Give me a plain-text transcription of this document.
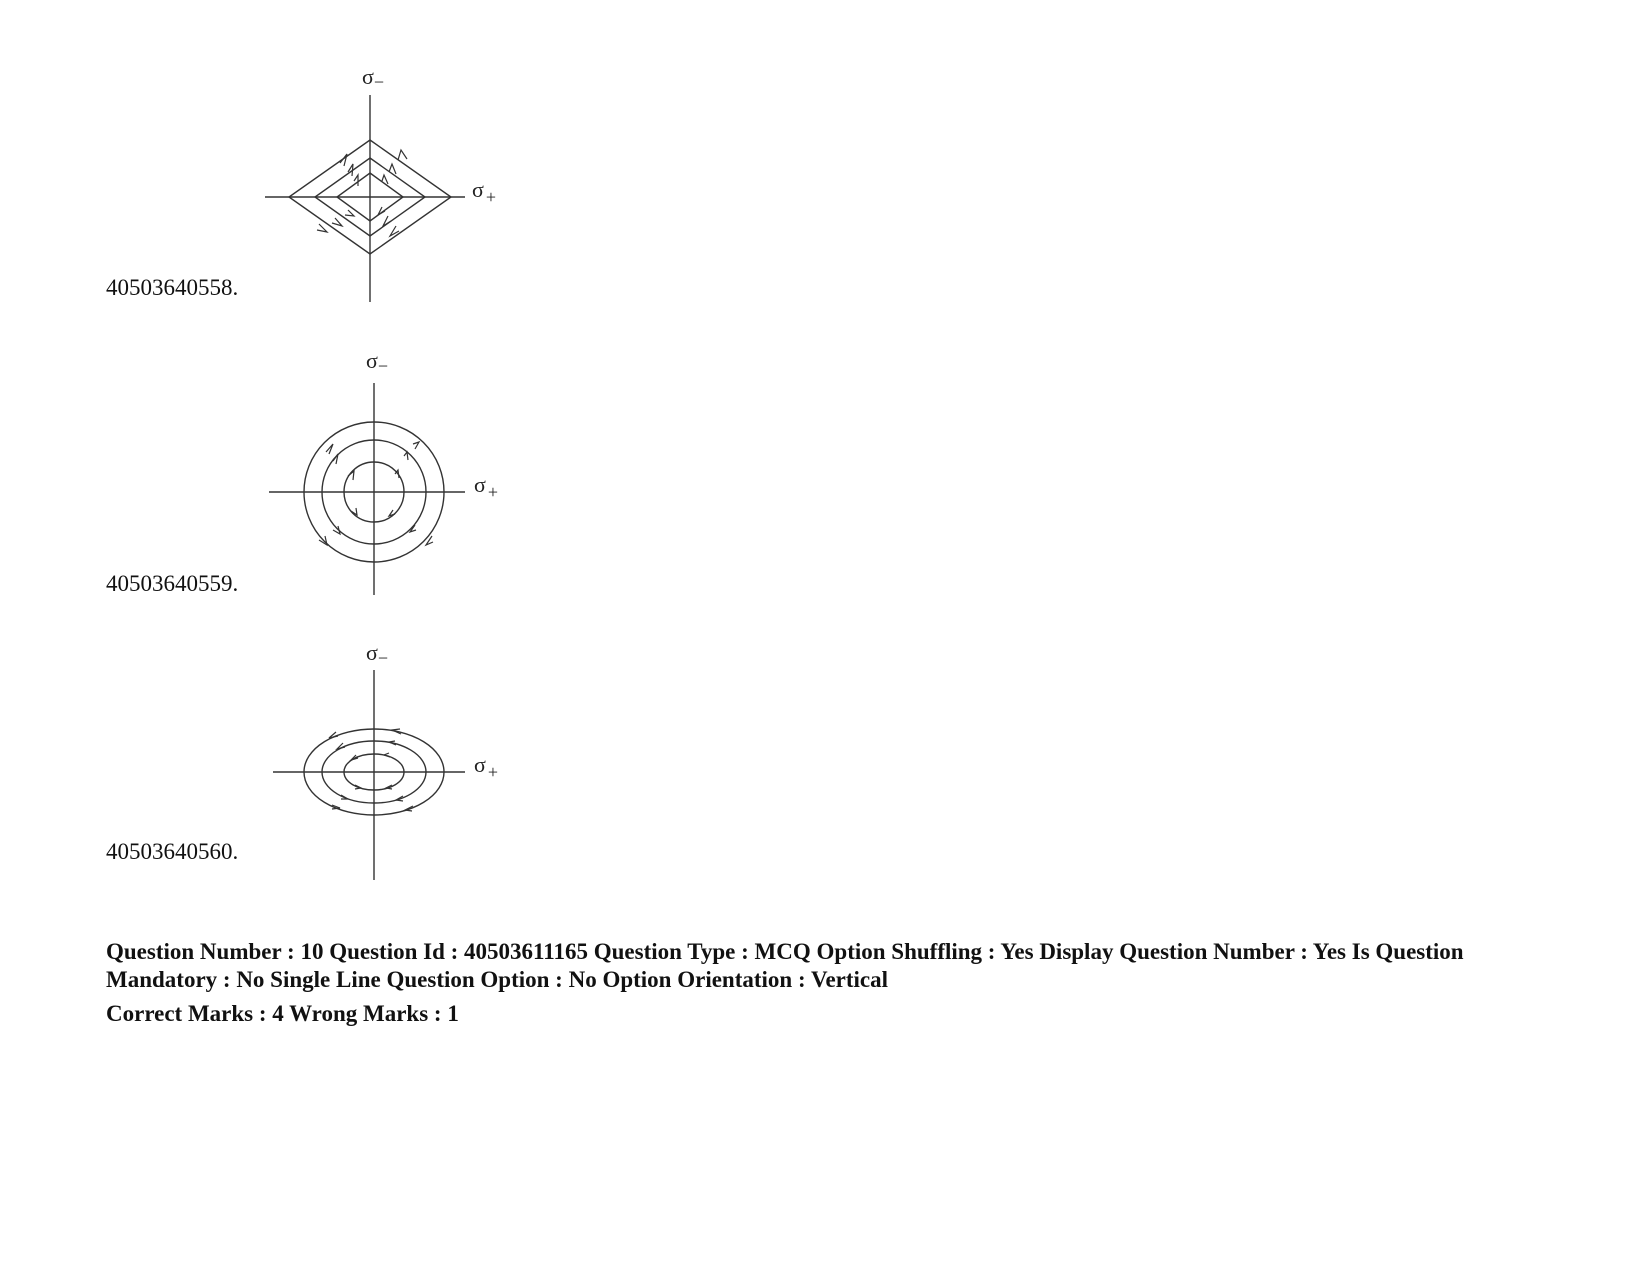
σ−
σ $_+$
40503640558.
σ−
σ $_+$
40503640559.
σ−
σ $_+$
40503640560.

Question Number : 10 Question Id : 40503611165 Question Type : MCQ Option Shuffling : Yes Display Question Number : Yes Is Question Mandatory : No Single Line Question Option : No Option Orientation : Vertical

Correct Marks : 4 Wrong Marks : 1
